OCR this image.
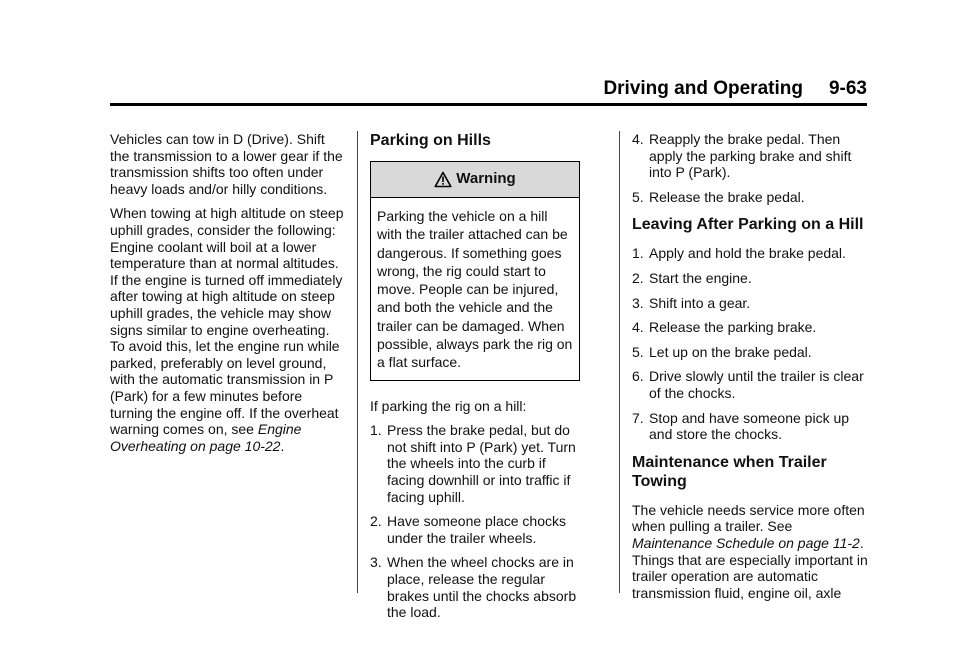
Driving and Operating 9-63

Vehicles can tow in D (Drive). Shift the transmission to a lower gear if the transmission shifts too often under heavy loads and/or hilly conditions.

When towing at high altitude on steep uphill grades, consider the following: Engine coolant will boil at a lower temperature than at normal altitudes. If the engine is turned off immediately after towing at high altitude on steep uphill grades, the vehicle may show signs similar to engine overheating. To avoid this, let the engine run while parked, preferably on level ground, with the automatic transmission in P (Park) for a few minutes before turning the engine off. If the overheat warning comes on, see Engine Overheating on page 10-22.

Parking on Hills
Warning
Parking the vehicle on a hill with the trailer attached can be dangerous. If something goes wrong, the rig could start to move. People can be injured, and both the vehicle and the trailer can be damaged. When possible, always park the rig on a flat surface.

If parking the rig on a hill:

1. Press the brake pedal, but do not shift into P (Park) yet. Turn the wheels into the curb if facing downhill or into traffic if facing uphill.
2. Have someone place chocks under the trailer wheels.
3. When the wheel chocks are in place, release the regular brakes until the chocks absorb the load.
4. Reapply the brake pedal. Then apply the parking brake and shift into P (Park).
5. Release the brake pedal.
Leaving After Parking on a Hill
1. Apply and hold the brake pedal.
2. Start the engine.
3. Shift into a gear.
4. Release the parking brake.
5. Let up on the brake pedal.
6. Drive slowly until the trailer is clear of the chocks.
7. Stop and have someone pick up and store the chocks.
Maintenance when Trailer Towing

The vehicle needs service more often when pulling a trailer. See Maintenance Schedule on page 11-2. Things that are especially important in trailer operation are automatic transmission fluid, engine oil, axle
